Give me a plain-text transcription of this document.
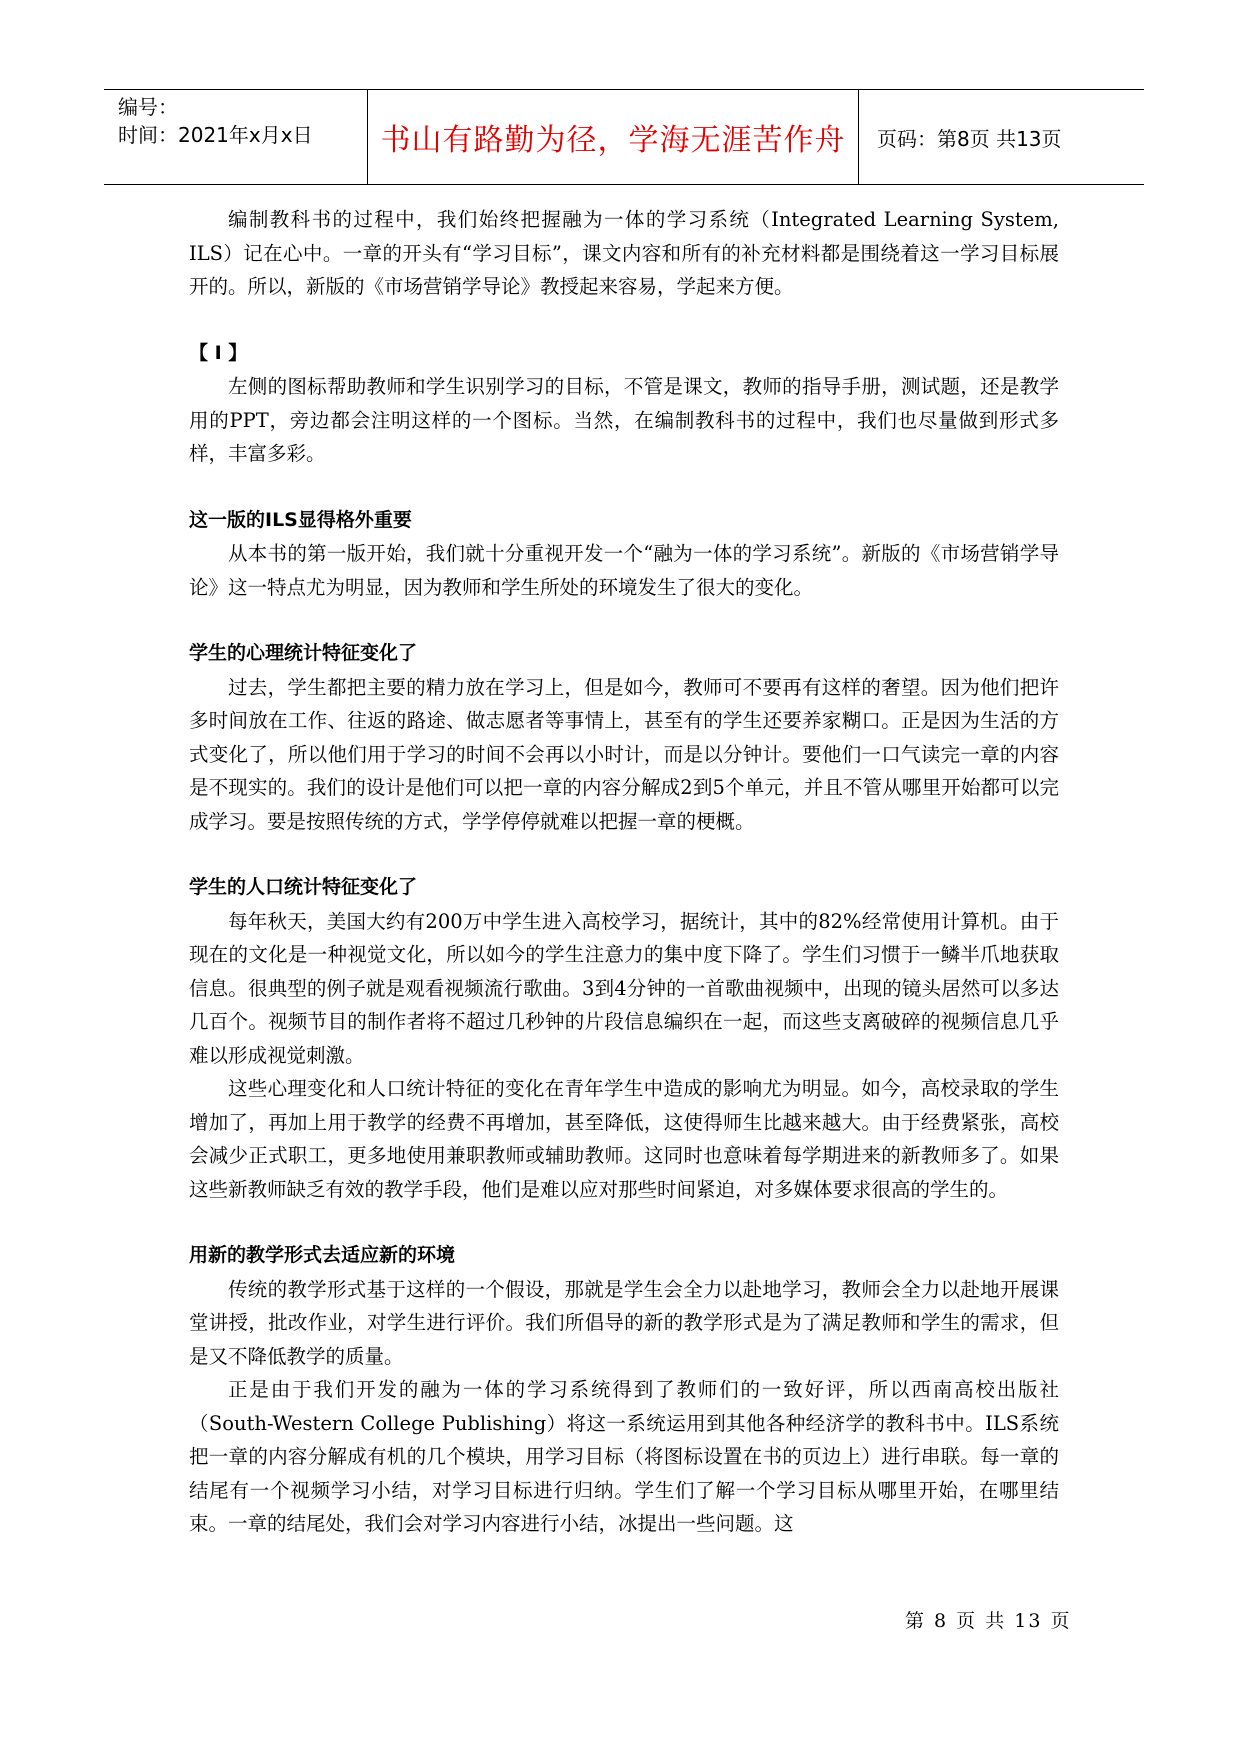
编号：
时间：2021年x月x日	书山有路勤为径，学海无涯苦作舟	页码：第8页 共13页

编制教科书的过程中，我们始终把握融为一体的学习系统（Integrated Learning System, ILS）记在心中。一章的开头有“学习目标”，课文内容和所有的补充材料都是围绕着这一学习目标展开的。所以，新版的《市场营销学导论》教授起来容易，学起来方便。

【 I 】

左侧的图标帮助教师和学生识别学习的目标，不管是课文，教师的指导手册，测试题，还是教学用的PPT，旁边都会注明这样的一个图标。当然，在编制教科书的过程中，我们也尽量做到形式多样，丰富多彩。

这一版的ILS显得格外重要

从本书的第一版开始，我们就十分重视开发一个“融为一体的学习系统”。新版的《市场营销学导论》这一特点尤为明显，因为教师和学生所处的环境发生了很大的变化。

学生的心理统计特征变化了

过去，学生都把主要的精力放在学习上，但是如今，教师可不要再有这样的奢望。因为他们把许多时间放在工作、往返的路途、做志愿者等事情上，甚至有的学生还要养家糊口。正是因为生活的方式变化了，所以他们用于学习的时间不会再以小时计，而是以分钟计。要他们一口气读完一章的内容是不现实的。我们的设计是他们可以把一章的内容分解成2到5个单元，并且不管从哪里开始都可以完成学习。要是按照传统的方式，学学停停就难以把握一章的梗概。

学生的人口统计特征变化了

每年秋天，美国大约有200万中学生进入高校学习，据统计，其中的82%经常使用计算机。由于现在的文化是一种视觉文化，所以如今的学生注意力的集中度下降了。学生们习惯于一鳞半爪地获取信息。很典型的例子就是观看视频流行歌曲。3到4分钟的一首歌曲视频中，出现的镜头居然可以多达几百个。视频节目的制作者将不超过几秒钟的片段信息编织在一起，而这些支离破碎的视频信息几乎难以形成视觉刺激。

这些心理变化和人口统计特征的变化在青年学生中造成的影响尤为明显。如今，高校录取的学生增加了，再加上用于教学的经费不再增加，甚至降低，这使得师生比越来越大。由于经费紧张，高校会减少正式职工，更多地使用兼职教师或辅助教师。这同时也意味着每学期进来的新教师多了。如果这些新教师缺乏有效的教学手段，他们是难以应对那些时间紧迫，对多媒体要求很高的学生的。

用新的教学形式去适应新的环境

传统的教学形式基于这样的一个假设，那就是学生会全力以赴地学习，教师会全力以赴地开展课堂讲授，批改作业，对学生进行评价。我们所倡导的新的教学形式是为了满足教师和学生的需求，但是又不降低教学的质量。

正是由于我们开发的融为一体的学习系统得到了教师们的一致好评，所以西南高校出版社（South-Western College Publishing）将这一系统运用到其他各种经济学的教科书中。ILS系统把一章的内容分解成有机的几个模块，用学习目标（将图标设置在书的页边上）进行串联。每一章的结尾有一个视频学习小结，对学习目标进行归纳。学生们了解一个学习目标从哪里开始，在哪里结束。一章的结尾处，我们会对学习内容进行小结，冰提出一些问题。这

第 8 页 共 13 页
